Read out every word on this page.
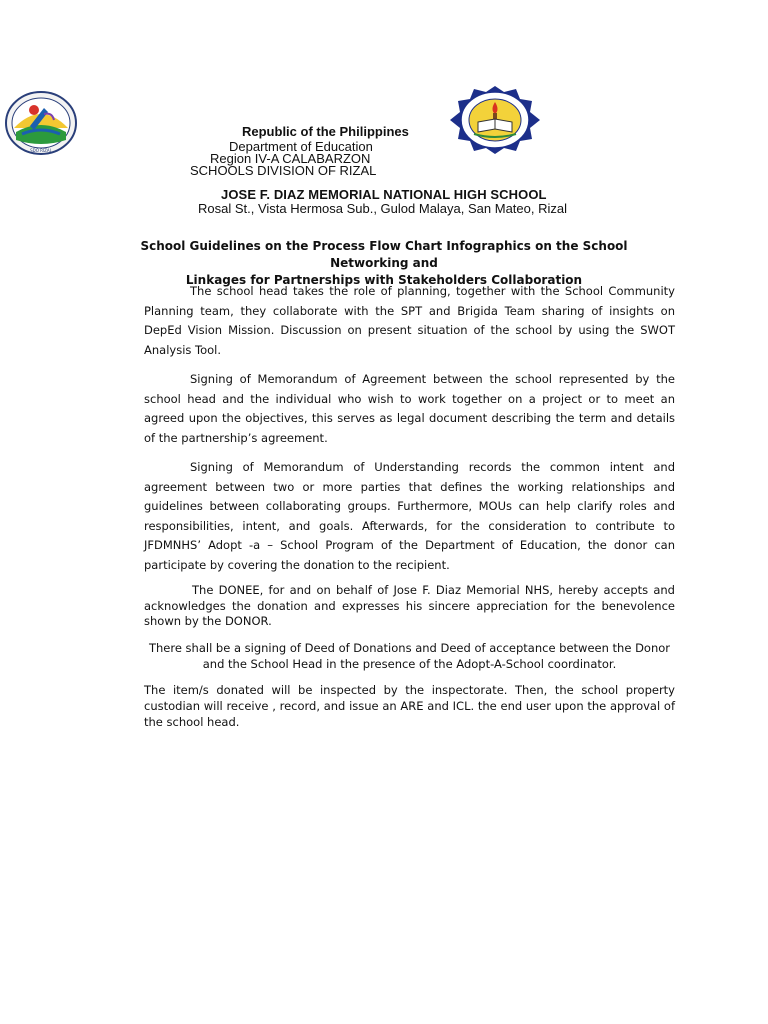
SDO RIZAL
Republic of the Philippines
Department of Education
Region IV-A CALABARZON
SCHOOLS DIVISION OF RIZAL
JOSE F. DIAZ MEMORIAL NATIONAL HIGH SCHOOL
Rosal St., Vista Hermosa Sub., Gulod Malaya, San Mateo, Rizal
School Guidelines on the Process Flow Chart Infographics on the School Networking and
Linkages for Partnerships with Stakeholders Collaboration
The school head takes the role of planning, together with the School Community Planning team, they collaborate with the SPT and Brigida Team sharing of insights on DepEd Vision Mission. Discussion on present situation of the school by using the SWOT Analysis Tool.
Signing of Memorandum of Agreement between the school represented by the school head and the individual who wish to work together on a project or to meet an agreed upon the objectives, this serves as legal document describing the term and details of the partnership’s agreement.
Signing of Memorandum of Understanding records the common intent and agreement between two or more parties that defines the working relationships and guidelines between collaborating groups. Furthermore, MOUs can help clarify roles and responsibilities, intent, and goals. Afterwards, for the consideration to contribute to JFDMNHS’ Adopt -a – School Program of the Department of Education, the donor can participate by covering the donation to the recipient.
The DONEE, for and on behalf of Jose F. Diaz Memorial NHS, hereby accepts and acknowledges the donation and expresses his sincere appreciation for the benevolence shown by the DONOR.
There shall be a signing of Deed of Donations and Deed of acceptance between the Donor and the School Head in the presence of the Adopt-A-School coordinator.
The item/s donated will be inspected by the inspectorate. Then, the school property custodian will receive , record, and issue an ARE and ICL. the end user upon the approval of the school head.
